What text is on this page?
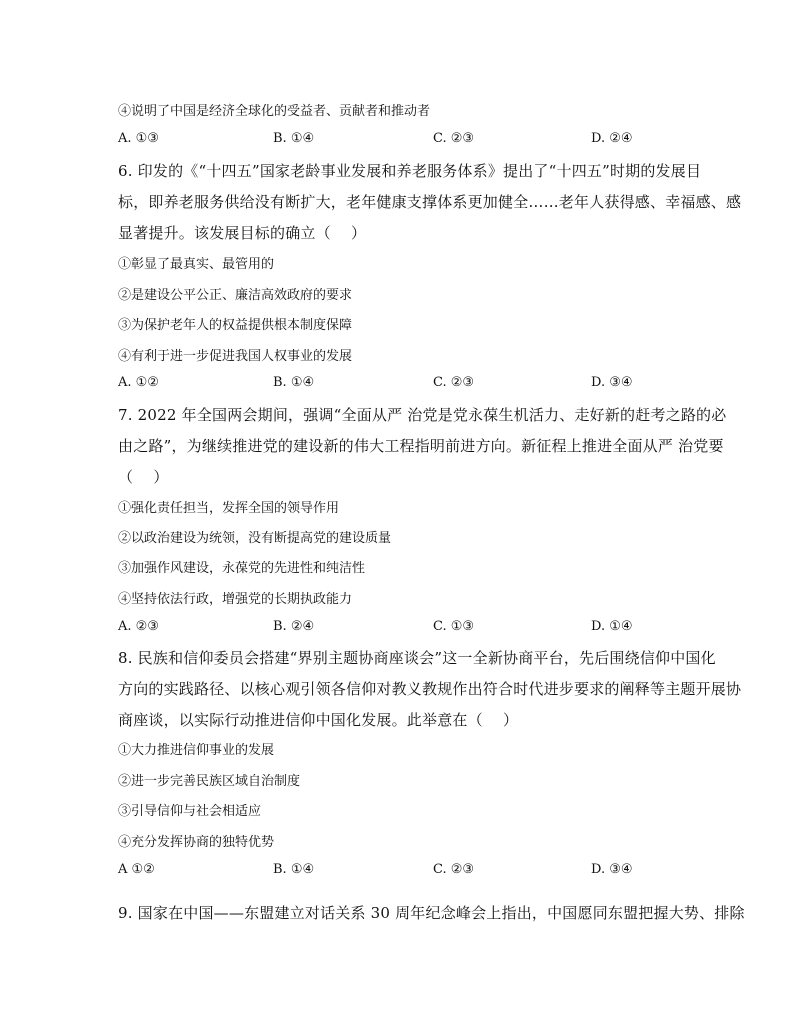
④说明了中国是经济全球化的受益者、贡献者和推动者
A. ①③	B. ①④	C. ②③	D. ②④
6. 印发的《“十四五”国家老龄事业发展和养老服务体系》提出了“十四五”时期的发展目
标，即养老服务供给没有断扩大，老年健康支撑体系更加健全……老年人获得感、幸福感、感
显著提升。该发展目标的确立（　 ）
①彰显了最真实、最管用的
②是建设公平公正、廉洁高效政府的要求
③为保护老年人的权益提供根本制度保障
④有利于进一步促进我国人权事业的发展
A. ①②	B. ①④	C. ②③	D. ③④
7. 2022 年全国两会期间，强调“全面从严 治党是党永葆生机活力、走好新的赶考之路的必
由之路”，为继续推进党的建设新的伟大工程指明前进方向。新征程上推进全面从严 治党要
（　 ）
①强化责任担当，发挥全国的领导作用
②以政治建设为统领，没有断提高党的建设质量
③加强作风建设，永葆党的先进性和纯洁性
④坚持依法行政，增强党的长期执政能力
A. ②③	B. ②④	C. ①③	D. ①④
8. 民族和信仰委员会搭建“界别主题协商座谈会”这一全新协商平台，先后围绕信仰中国化
方向的实践路径、以核心观引领各信仰对教义教规作出符合时代进步要求的阐释等主题开展协
商座谈，以实际行动推进信仰中国化发展。此举意在（　 ）
①大力推进信仰事业的发展
②进一步完善民族区域自治制度
③引导信仰与社会相适应
④充分发挥协商的独特优势
A ①②	B. ①④	C. ②③	D. ③④
9. 国家在中国——东盟建立对话关系 30 周年纪念峰会上指出，中国愿同东盟把握大势、排除
